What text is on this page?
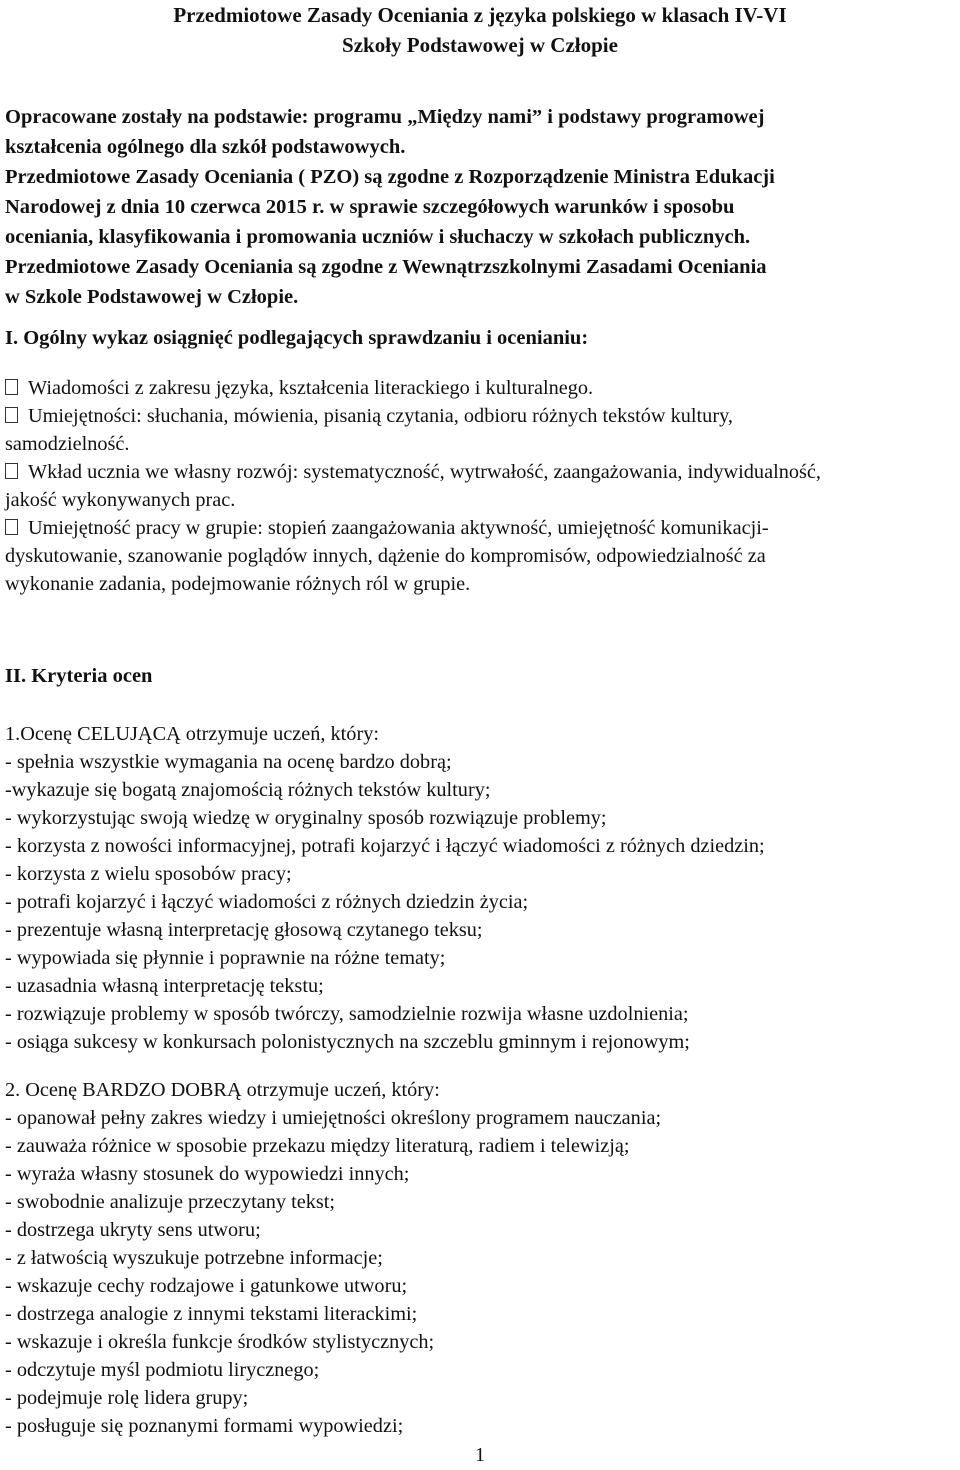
Przedmiotowe Zasady Oceniania z języka polskiego w klasach IV-VI
Szkoły Podstawowej w Człopie
Opracowane zostały na podstawie: programu „Między nami” i podstawy programowej
kształcenia ogólnego dla szkół podstawowych.
Przedmiotowe Zasady Oceniania ( PZO) są zgodne z Rozporządzenie Ministra Edukacji
Narodowej z dnia 10 czerwca 2015 r. w sprawie szczegółowych warunków i sposobu
oceniania, klasyfikowania i promowania uczniów i słuchaczy w szkołach publicznych.
Przedmiotowe Zasady Oceniania są zgodne z Wewnątrzszkolnymi Zasadami Oceniania
w Szkole Podstawowej w Człopie.
I. Ogólny wykaz osiągnięć podlegających sprawdzaniu i ocenianiu:
Wiadomości z zakresu języka, kształcenia literackiego i kulturalnego.
Umiejętności: słuchania, mówienia, pisanią czytania, odbioru różnych tekstów kultury,
samodzielność.
Wkład ucznia we własny rozwój: systematyczność, wytrwałość, zaangażowania, indywidualność,
jakość wykonywanych prac.
Umiejętność pracy w grupie: stopień zaangażowania aktywność, umiejętność komunikacji-
dyskutowanie, szanowanie poglądów innych, dążenie do kompromisów, odpowiedzialność za
wykonanie zadania, podejmowanie różnych ról w grupie.
II. Kryteria ocen
1.Ocenę CELUJĄCĄ otrzymuje uczeń, który:
- spełnia wszystkie wymagania na ocenę bardzo dobrą;
-wykazuje się bogatą znajomością różnych tekstów kultury;
- wykorzystując swoją wiedzę w oryginalny sposób rozwiązuje problemy;
- korzysta z nowości informacyjnej, potrafi kojarzyć i łączyć wiadomości z różnych dziedzin;
- korzysta z wielu sposobów pracy;
- potrafi kojarzyć i łączyć wiadomości z różnych dziedzin życia;
- prezentuje własną interpretację głosową czytanego teksu;
- wypowiada się płynnie i poprawnie na różne tematy;
- uzasadnia własną interpretację tekstu;
- rozwiązuje problemy w sposób twórczy, samodzielnie rozwija własne uzdolnienia;
- osiąga sukcesy w konkursach polonistycznych na szczeblu gminnym i rejonowym;
2. Ocenę BARDZO DOBRĄ otrzymuje uczeń, który:
- opanował pełny zakres wiedzy i umiejętności określony programem nauczania;
- zauważa różnice w sposobie przekazu między literaturą, radiem i telewizją;
- wyraża własny stosunek do wypowiedzi innych;
- swobodnie analizuje przeczytany tekst;
- dostrzega ukryty sens utworu;
- z łatwością wyszukuje potrzebne informacje;
- wskazuje cechy rodzajowe i gatunkowe utworu;
- dostrzega analogie z innymi tekstami literackimi;
- wskazuje i określa funkcje środków stylistycznych;
- odczytuje myśl podmiotu lirycznego;
- podejmuje rolę lidera grupy;
- posługuje się poznanymi formami wypowiedzi;
1
